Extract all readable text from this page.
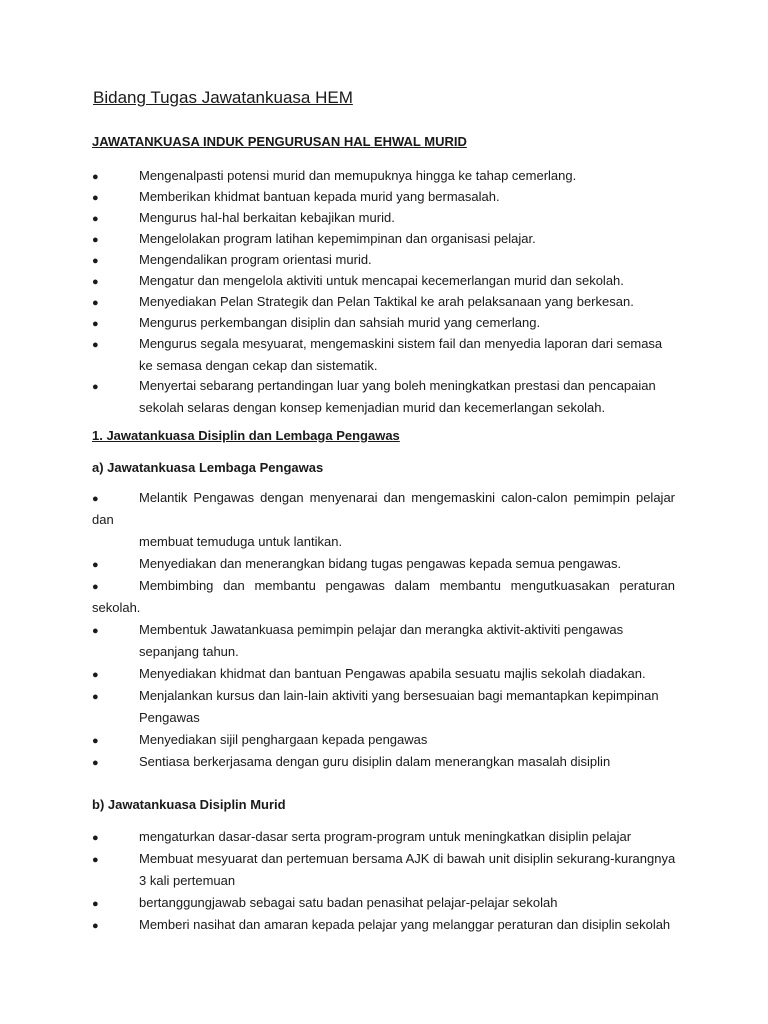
Bidang Tugas Jawatankuasa HEM
JAWATANKUASA INDUK PENGURUSAN HAL EHWAL MURID
●	Mengenalpasti potensi murid dan memupuknya hingga ke tahap cemerlang.
●	Memberikan khidmat bantuan kepada murid yang bermasalah.
●	Mengurus hal-hal berkaitan kebajikan murid.
●	Mengelolakan program latihan kepemimpinan dan organisasi pelajar.
●	Mengendalikan program orientasi murid.
●	Mengatur dan mengelola aktiviti untuk mencapai kecemerlangan murid dan sekolah.
●	Menyediakan Pelan Strategik dan Pelan Taktikal ke arah pelaksanaan yang berkesan.
●	Mengurus perkembangan disiplin dan sahsiah murid yang cemerlang.
●	Mengurus segala mesyuarat, mengemaskini sistem fail dan menyedia laporan dari semasa
ke semasa dengan cekap dan sistematik.
●	Menyertai sebarang pertandingan luar yang boleh meningkatkan prestasi dan pencapaian
sekolah selaras dengan konsep kemenjadian murid dan kecemerlangan sekolah.
1. Jawatankuasa Disiplin dan Lembaga Pengawas
a) Jawatankuasa Lembaga Pengawas
●	Melantik Pengawas dengan menyenarai dan mengemaskini calon-calon pemimpin pelajar
dan
membuat temuduga untuk lantikan.
●	Menyediakan dan menerangkan bidang tugas pengawas kepada semua pengawas.
●	Membimbing dan membantu pengawas dalam membantu mengutkuasakan peraturan
sekolah.
●	Membentuk Jawatankuasa pemimpin pelajar dan merangka aktivit-aktiviti pengawas
sepanjang tahun.
●	Menyediakan khidmat dan bantuan Pengawas apabila sesuatu majlis sekolah diadakan.
●	Menjalankan kursus dan lain-lain aktiviti yang bersesuaian bagi memantapkan kepimpinan
Pengawas
●	Menyediakan sijil penghargaan kepada pengawas
●	Sentiasa berkerjasama dengan guru disiplin dalam menerangkan masalah disiplin
b) Jawatankuasa Disiplin Murid
●	mengaturkan dasar-dasar serta program-program untuk meningkatkan disiplin pelajar
●	Membuat mesyuarat dan pertemuan bersama AJK di bawah unit disiplin sekurang-kurangnya
3 kali pertemuan
●	bertanggungjawab sebagai satu badan penasihat pelajar-pelajar sekolah
●	Memberi nasihat dan amaran kepada pelajar yang melanggar peraturan dan disiplin sekolah
